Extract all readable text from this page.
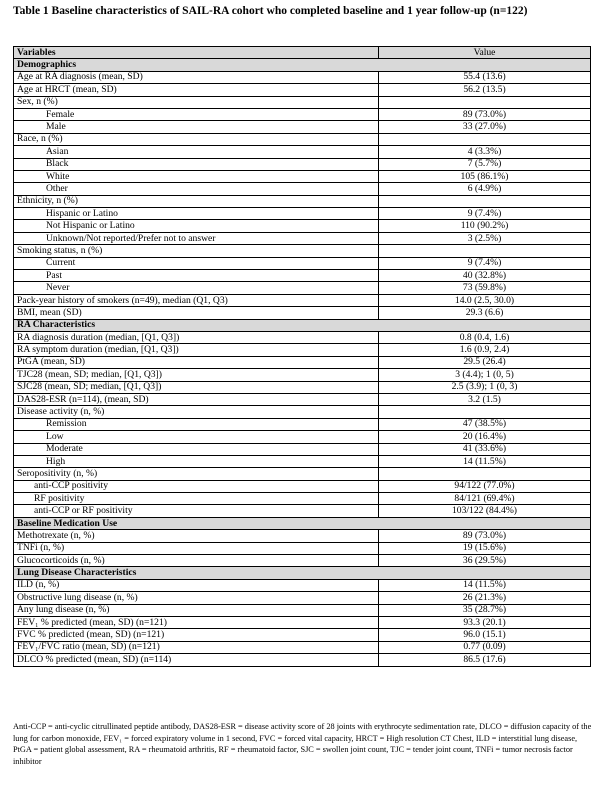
Table 1 Baseline characteristics of SAIL-RA cohort who completed baseline and 1 year follow-up (n=122)
Variables	Value
Demographics	
Age at RA diagnosis (mean, SD)	55.4 (13.6)
Age at HRCT (mean, SD)	56.2 (13.5)
Sex, n (%)	
Female	89 (73.0%)
Male	33 (27.0%)
Race, n (%)	
Asian	4 (3.3%)
Black	7 (5.7%)
White	105 (86.1%)
Other	6 (4.9%)
Ethnicity, n (%)	
Hispanic or Latino	9 (7.4%)
Not Hispanic or Latino	110 (90.2%)
Unknown/Not reported/Prefer not to answer	3 (2.5%)
Smoking status, n (%)	
Current	9 (7.4%)
Past	40 (32.8%)
Never	73 (59.8%)
Pack-year history of smokers (n=49), median (Q1, Q3)	14.0 (2.5, 30.0)
BMI, mean (SD)	29.3 (6.6)
RA Characteristics	
RA diagnosis duration (median, [Q1, Q3])	0.8 (0.4, 1.6)
RA symptom duration (median, [Q1, Q3])	1.6 (0.9, 2.4)
PtGA (mean, SD)	29.5 (26.4)
TJC28 (mean, SD; median, [Q1, Q3])	3 (4.4); 1 (0, 5)
SJC28 (mean, SD; median, [Q1, Q3])	2.5 (3.9); 1 (0, 3)
DAS28-ESR (n=114), (mean, SD)	3.2 (1.5)
Disease activity (n, %)	
Remission	47 (38.5%)
Low	20 (16.4%)
Moderate	41 (33.6%)
High	14 (11.5%)
Seropositivity (n, %)	
anti-CCP positivity	94/122 (77.0%)
RF positivity	84/121 (69.4%)
anti-CCP or RF positivity	103/122 (84.4%)
Baseline Medication Use	
Methotrexate (n, %)	89 (73.0%)
TNFi (n, %)	19 (15.6%)
Glucocorticoids (n, %)	36 (29.5%)
Lung Disease Characteristics	
ILD (n, %)	14 (11.5%)
Obstructive lung disease (n, %)	26 (21.3%)
Any lung disease (n, %)	35 (28.7%)
FEV₁ % predicted (mean, SD) (n=121)	93.3 (20.1)
FVC % predicted (mean, SD) (n=121)	96.0 (15.1)
FEV₁/FVC ratio (mean, SD) (n=121)	0.77 (0.09)
DLCO % predicted (mean, SD) (n=114)	86.5 (17.6)
Anti-CCP = anti-cyclic citrullinated peptide antibody, DAS28-ESR = disease activity score of 28 joints with erythrocyte sedimentation rate, DLCO = diffusion capacity of the lung for carbon monoxide, FEV₁ = forced expiratory volume in 1 second, FVC = forced vital capacity, HRCT = High resolution CT Chest, ILD = interstitial lung disease, PtGA = patient global assessment, RA = rheumatoid arthritis, RF = rheumatoid factor, SJC = swollen joint count, TJC = tender joint count, TNFi = tumor necrosis factor inhibitor
